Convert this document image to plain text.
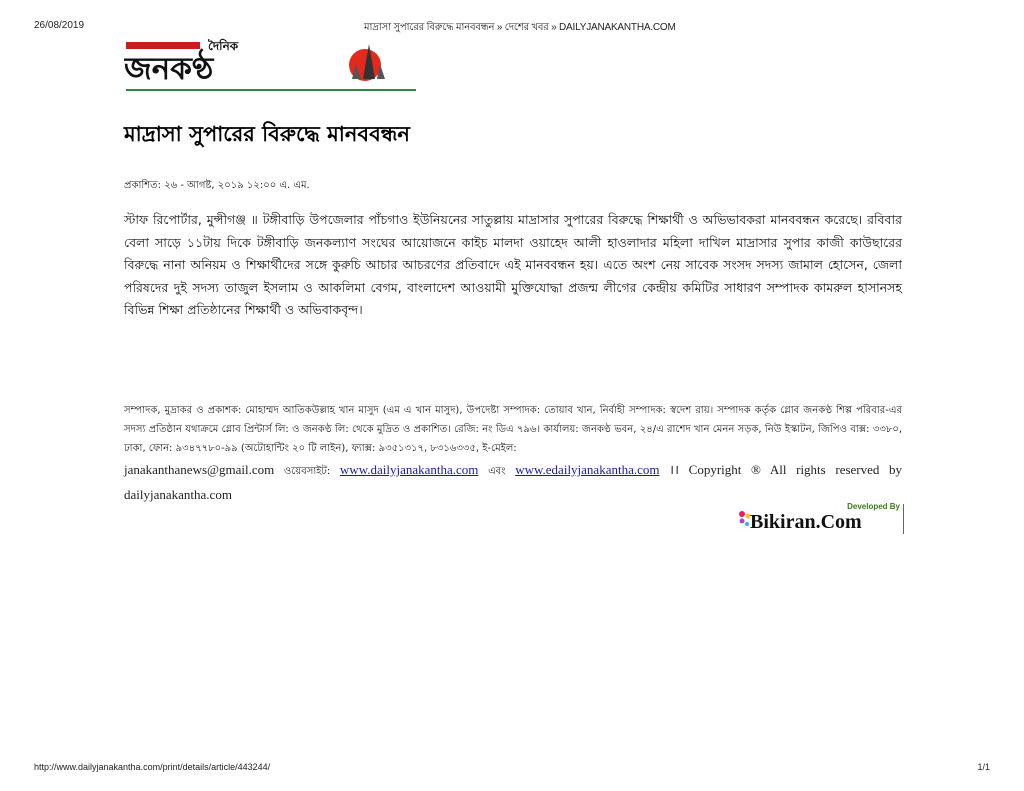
26/08/2019	মাদ্রাসা সুপারের বিরুদ্ধে মানববন্ধন » দেশের খবর » DAILYJANAKANTHA.COM
দৈনিক
জনকণ্ঠ
মাদ্রাসা সুপারের বিরুদ্ধে মানববন্ধন
প্রকাশিত: ২৬ - আগষ্ট, ২০১৯ ১২:০০ এ. এম.

স্টাফ রিপোর্টার, মুন্সীগঞ্জ ॥ টঙ্গীবাড়ি উপজেলার পাঁচগাও ইউনিয়নের সাতুল্লায় মাদ্রাসার সুপারের বিরুদ্ধে শিক্ষার্থী ও অভিভাবকরা মানববন্ধন করেছে। রবিবার বেলা সাড়ে ১১টায় দিকে টঙ্গীবাড়ি জনকল্যাণ সংঘের আয়োজনে কাইচ মালদা ওয়াহেদ আলী হাওলাদার মহিলা দাখিল মাদ্রাসার সুপার কাজী কাউছারের বিরুদ্ধে নানা অনিয়ম ও শিক্ষার্থীদের সঙ্গে কুরুচি আচার আচরণের প্রতিবাদে এই মানববন্ধন হয়। এতে অংশ নেয় সাবেক সংসদ সদস্য জামাল হোসেন, জেলা পরিষদের দুই সদস্য তাজুল ইসলাম ও আকলিমা বেগম, বাংলাদেশ আওয়ামী মুক্তিযোদ্ধা প্রজন্ম লীগের কেন্দ্রীয় কমিটির সাধারণ সম্পাদক কামরুল হাসানসহ বিভিন্ন শিক্ষা প্রতিষ্ঠানের শিক্ষার্থী ও অভিবাকবৃন্দ।

সম্পাদক, মুদ্রাকর ও প্রকাশক: মোহাম্মদ আতিকউল্লাহ খান মাসুদ (এম এ খান মাসুদ), উপদেষ্টা সম্পাদক: তোয়াব খান, নির্বাহী সম্পাদক: স্বদেশ রায়। সম্পাদক কর্তৃক গ্লোব জনকণ্ঠ শিল্প পরিবার-এর সদস্য প্রতিষ্ঠান যথাক্রমে গ্লোব প্রিন্টার্স লি: ও জনকণ্ঠ লি: থেকে মুদ্রিত ও প্রকাশিত। রেজি: নং ডিএ ৭৯৬। কার্যালয়: জনকণ্ঠ ভবন, ২৪/এ রাশেদ খান মেনন সড়ক, নিউ ইস্কাটন, জিপিও বাক্স: ৩৩৮০, ঢাকা, ফোন: ৯৩৪৭৭৮০-৯৯ (অটোহান্টিং ২০ টি লাইন), ফ্যাক্স: ৯৩৫১৩১৭, ৮৩১৬৩৩৫, ই-মেইল:
janakanthanews@gmail.com ওয়েবসাইট: www.dailyjanakantha.com এবং www.edailyjanakantha.com ।। Copyright ® All rights reserved by dailyjanakantha.com
Developed By
Bikiran.Com
http://www.dailyjanakantha.com/print/details/article/443244/	1/1
